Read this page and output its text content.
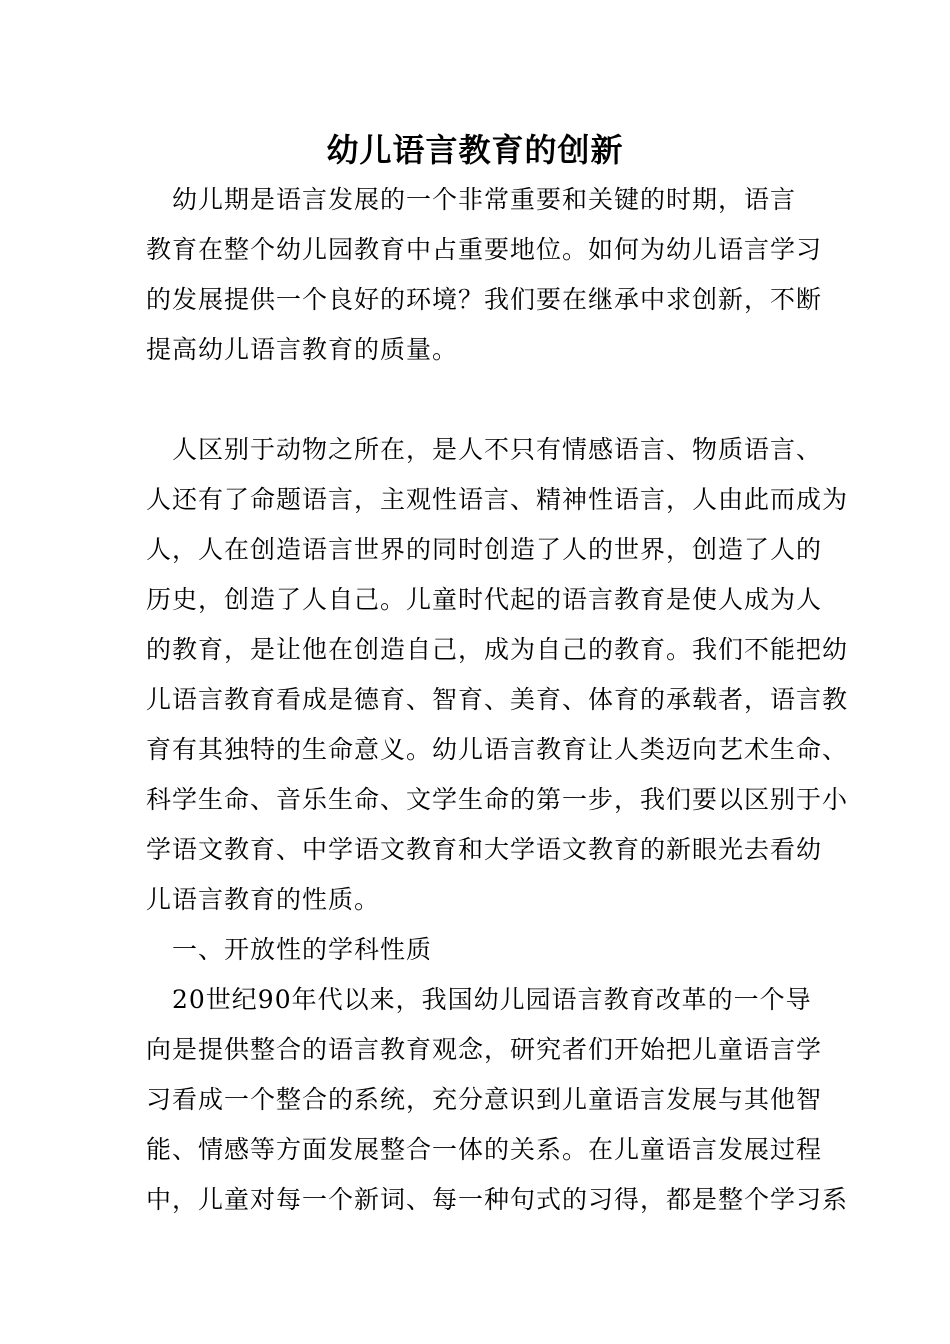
幼儿语言教育的创新
　幼儿期是语言发展的一个非常重要和关键的时期，语言
教育在整个幼儿园教育中占重要地位。如何为幼儿语言学习
的发展提供一个良好的环境？我们要在继承中求创新，不断
提高幼儿语言教育的质量。
　人区别于动物之所在，是人不只有情感语言、物质语言、
人还有了命题语言，主观性语言、精神性语言，人由此而成为
人，人在创造语言世界的同时创造了人的世界，创造了人的
历史，创造了人自己。儿童时代起的语言教育是使人成为人
的教育，是让他在创造自己，成为自己的教育。我们不能把幼
儿语言教育看成是德育、智育、美育、体育的承载者，语言教
育有其独特的生命意义。幼儿语言教育让人类迈向艺术生命、
科学生命、音乐生命、文学生命的第一步，我们要以区别于小
学语文教育、中学语文教育和大学语文教育的新眼光去看幼
儿语言教育的性质。
　一、开放性的学科性质
　20世纪90年代以来，我国幼儿园语言教育改革的一个导
向是提供整合的语言教育观念，研究者们开始把儿童语言学
习看成一个整合的系统，充分意识到儿童语言发展与其他智
能、情感等方面发展整合一体的关系。在儿童语言发展过程
中，儿童对每一个新词、每一种句式的习得，都是整个学习系
